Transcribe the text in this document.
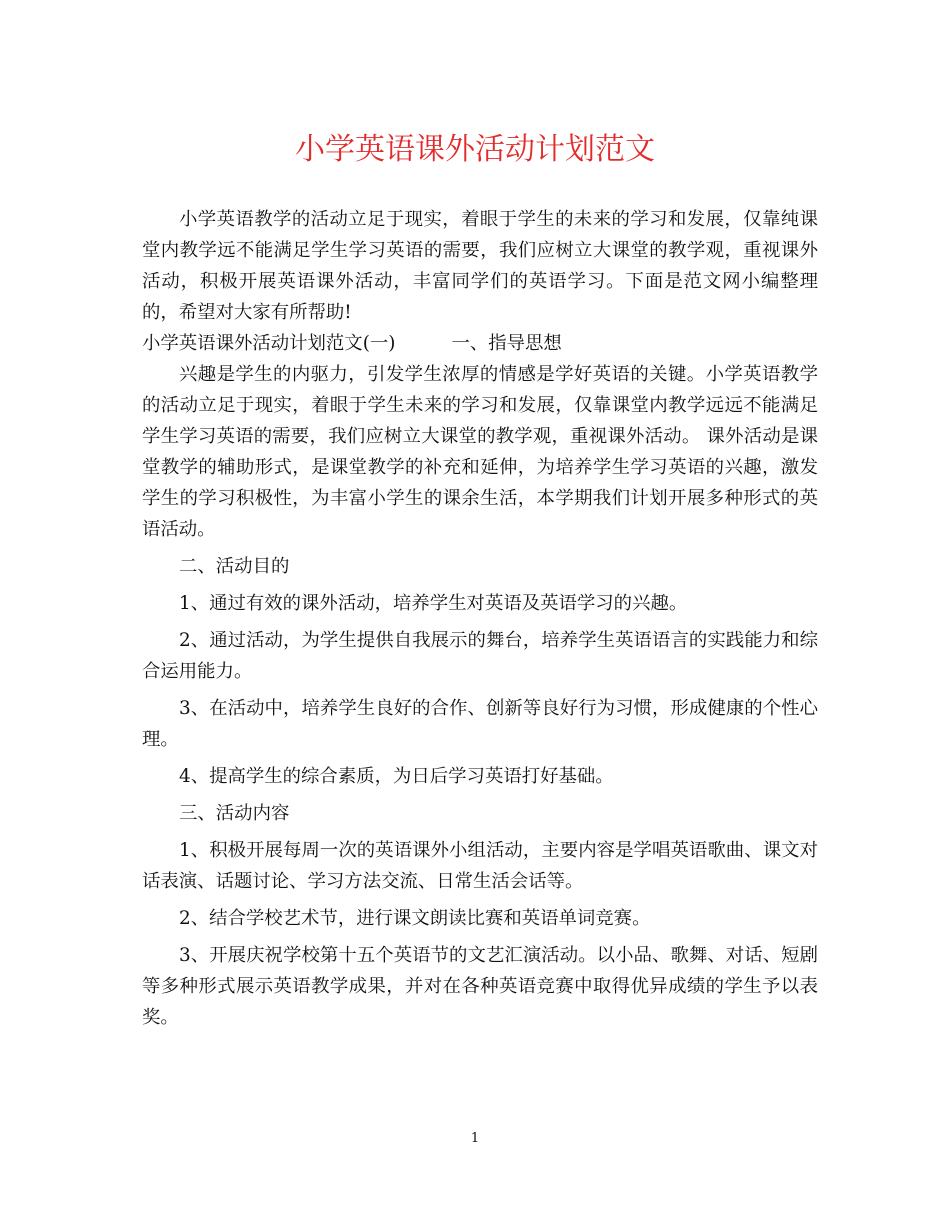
小学英语课外活动计划范文

小学英语教学的活动立足于现实，着眼于学生的未来的学习和发展，仅靠纯课堂内教学远不能满足学生学习英语的需要，我们应树立大课堂的教学观，重视课外活动，积极开展英语课外活动，丰富同学们的英语学习。下面是范文网小编整理的，希望对大家有所帮助!

小学英语课外活动计划范文(一)	一、指导思想

兴趣是学生的内驱力，引发学生浓厚的情感是学好英语的关键。小学英语教学的活动立足于现实，着眼于学生未来的学习和发展，仅靠课堂内教学远远不能满足学生学习英语的需要，我们应树立大课堂的教学观，重视课外活动。 课外活动是课堂教学的辅助形式，是课堂教学的补充和延伸，为培养学生学习英语的兴趣，激发学生的学习积极性，为丰富小学生的课余生活，本学期我们计划开展多种形式的英语活动。

二、活动目的

1、通过有效的课外活动，培养学生对英语及英语学习的兴趣。

2、通过活动，为学生提供自我展示的舞台，培养学生英语语言的实践能力和综合运用能力。

3、在活动中，培养学生良好的合作、创新等良好行为习惯，形成健康的个性心理。

4、提高学生的综合素质，为日后学习英语打好基础。

三、活动内容

1、积极开展每周一次的英语课外小组活动，主要内容是学唱英语歌曲、课文对话表演、话题讨论、学习方法交流、日常生活会话等。

2、结合学校艺术节，进行课文朗读比赛和英语单词竞赛。

3、开展庆祝学校第十五个英语节的文艺汇演活动。以小品、歌舞、对话、短剧等多种形式展示英语教学成果，并对在各种英语竞赛中取得优异成绩的学生予以表奖。

1
